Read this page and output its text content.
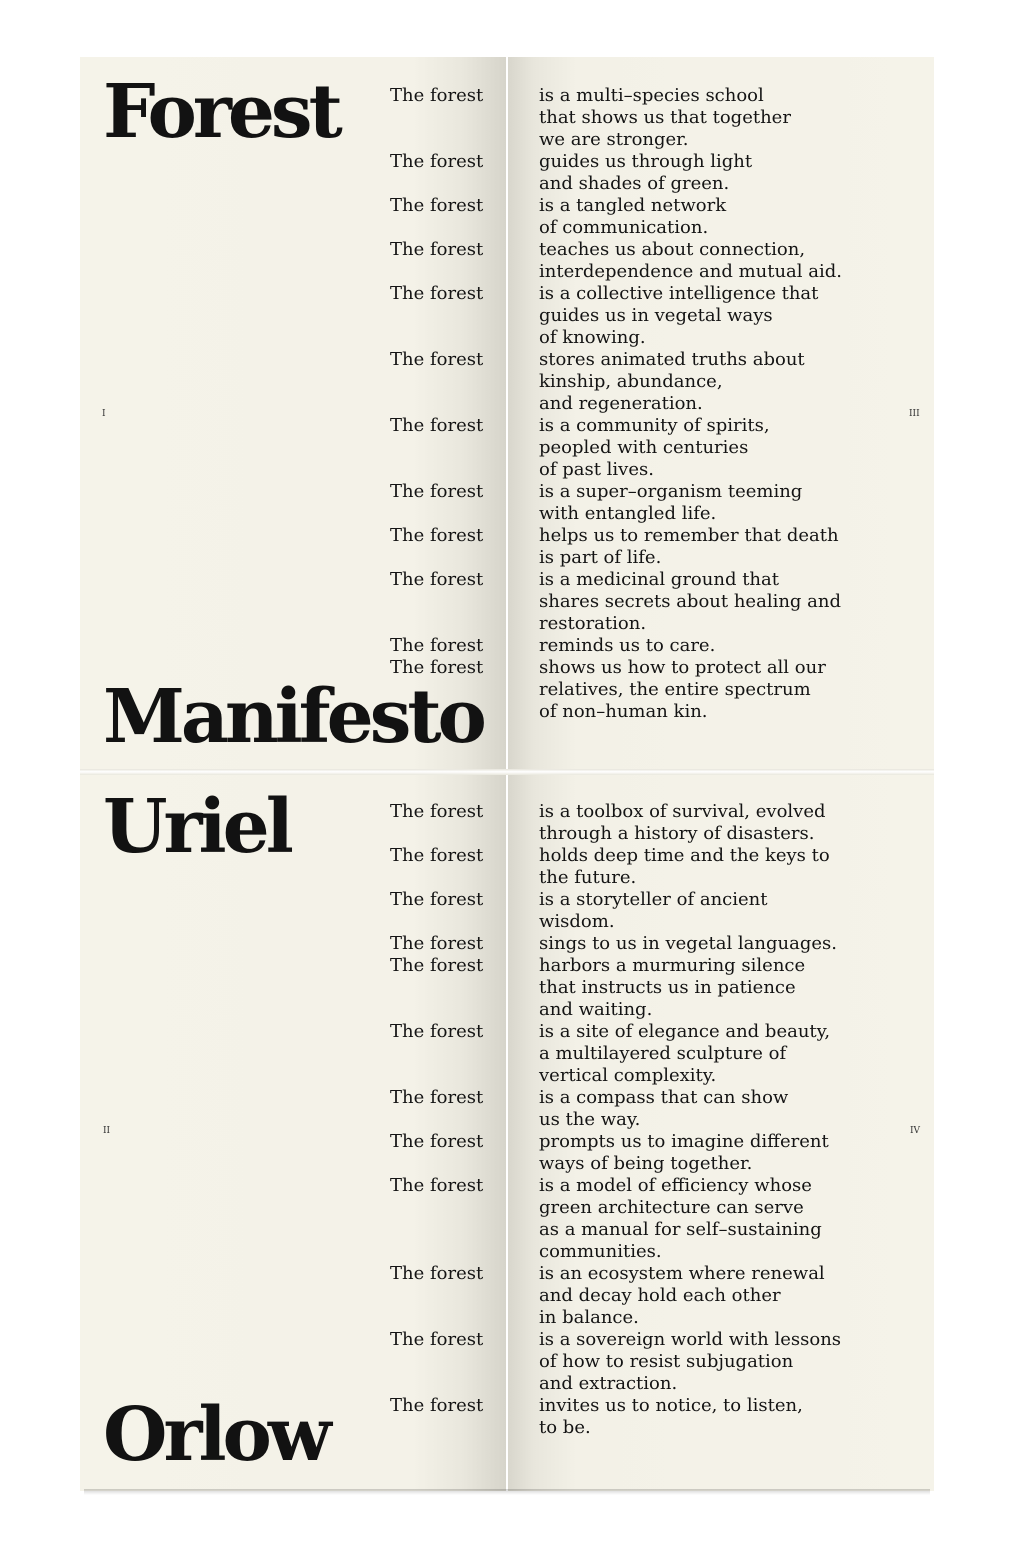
Forest
Manifesto
Uriel
Orlow
I	III
II	IV
The forest	is a multi–species school
that shows us that together
we are stronger.
The forest	guides us through light
and shades of green.
The forest	is a tangled network
of communication.
The forest	teaches us about connection,
interdependence and mutual aid.
The forest	is a collective intelligence that
guides us in vegetal ways
of knowing.
The forest	stores animated truths about
kinship, abundance,
and regeneration.
The forest	is a community of spirits,
peopled with centuries
of past lives.
The forest	is a super–organism teeming
with entangled life.
The forest	helps us to remember that death
is part of life.
The forest	is a medicinal ground that
shares secrets about healing and
restoration.
The forest	reminds us to care.
The forest	shows us how to protect all our
relatives, the entire spectrum
of non–human kin.
The forest	is a toolbox of survival, evolved
through a history of disasters.
The forest	holds deep time and the keys to
the future.
The forest	is a storyteller of ancient
wisdom.
The forest	sings to us in vegetal languages.
The forest	harbors a murmuring silence
that instructs us in patience
and waiting.
The forest	is a site of elegance and beauty,
a multilayered sculpture of
vertical complexity.
The forest	is a compass that can show
us the way.
The forest	prompts us to imagine different
ways of being together.
The forest	is a model of efficiency whose
green architecture can serve
as a manual for self–sustaining
communities.
The forest	is an ecosystem where renewal
and decay hold each other
in balance.
The forest	is a sovereign world with lessons
of how to resist subjugation
and extraction.
The forest	invites us to notice, to listen,
to be.
